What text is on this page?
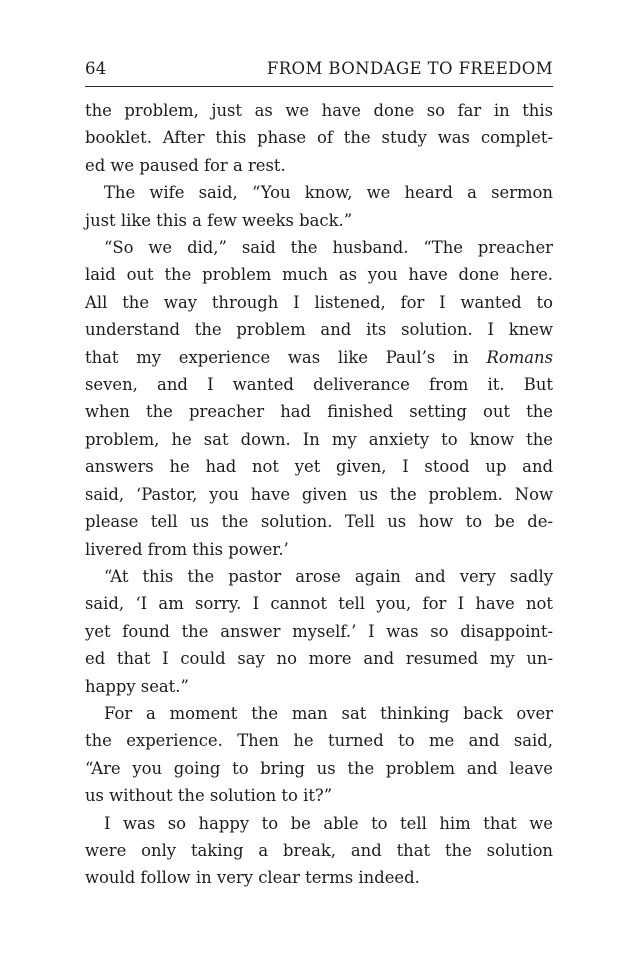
64	FROM BONDAGE TO FREEDOM
the problem, just as we have done so far in this
booklet. After this phase of the study was complet-
ed we paused for a rest.
The wife said, “You know, we heard a sermon
just like this a few weeks back.”
“So we did,” said the husband. “The preacher
laid out the problem much as you have done here.
All the way through I listened, for I wanted to
understand the problem and its solution. I knew
that my experience was like Paul’s in Romans
seven, and I wanted deliverance from it. But
when the preacher had finished setting out the
problem, he sat down. In my anxiety to know the
answers he had not yet given, I stood up and
said, ‘Pastor, you have given us the problem. Now
please tell us the solution. Tell us how to be de-
livered from this power.’
“At this the pastor arose again and very sadly
said, ‘I am sorry. I cannot tell you, for I have not
yet found the answer myself.’ I was so disappoint-
ed that I could say no more and resumed my un-
happy seat.”
For a moment the man sat thinking back over
the experience. Then he turned to me and said,
“Are you going to bring us the problem and leave
us without the solution to it?”
I was so happy to be able to tell him that we
were only taking a break, and that the solution
would follow in very clear terms indeed.
